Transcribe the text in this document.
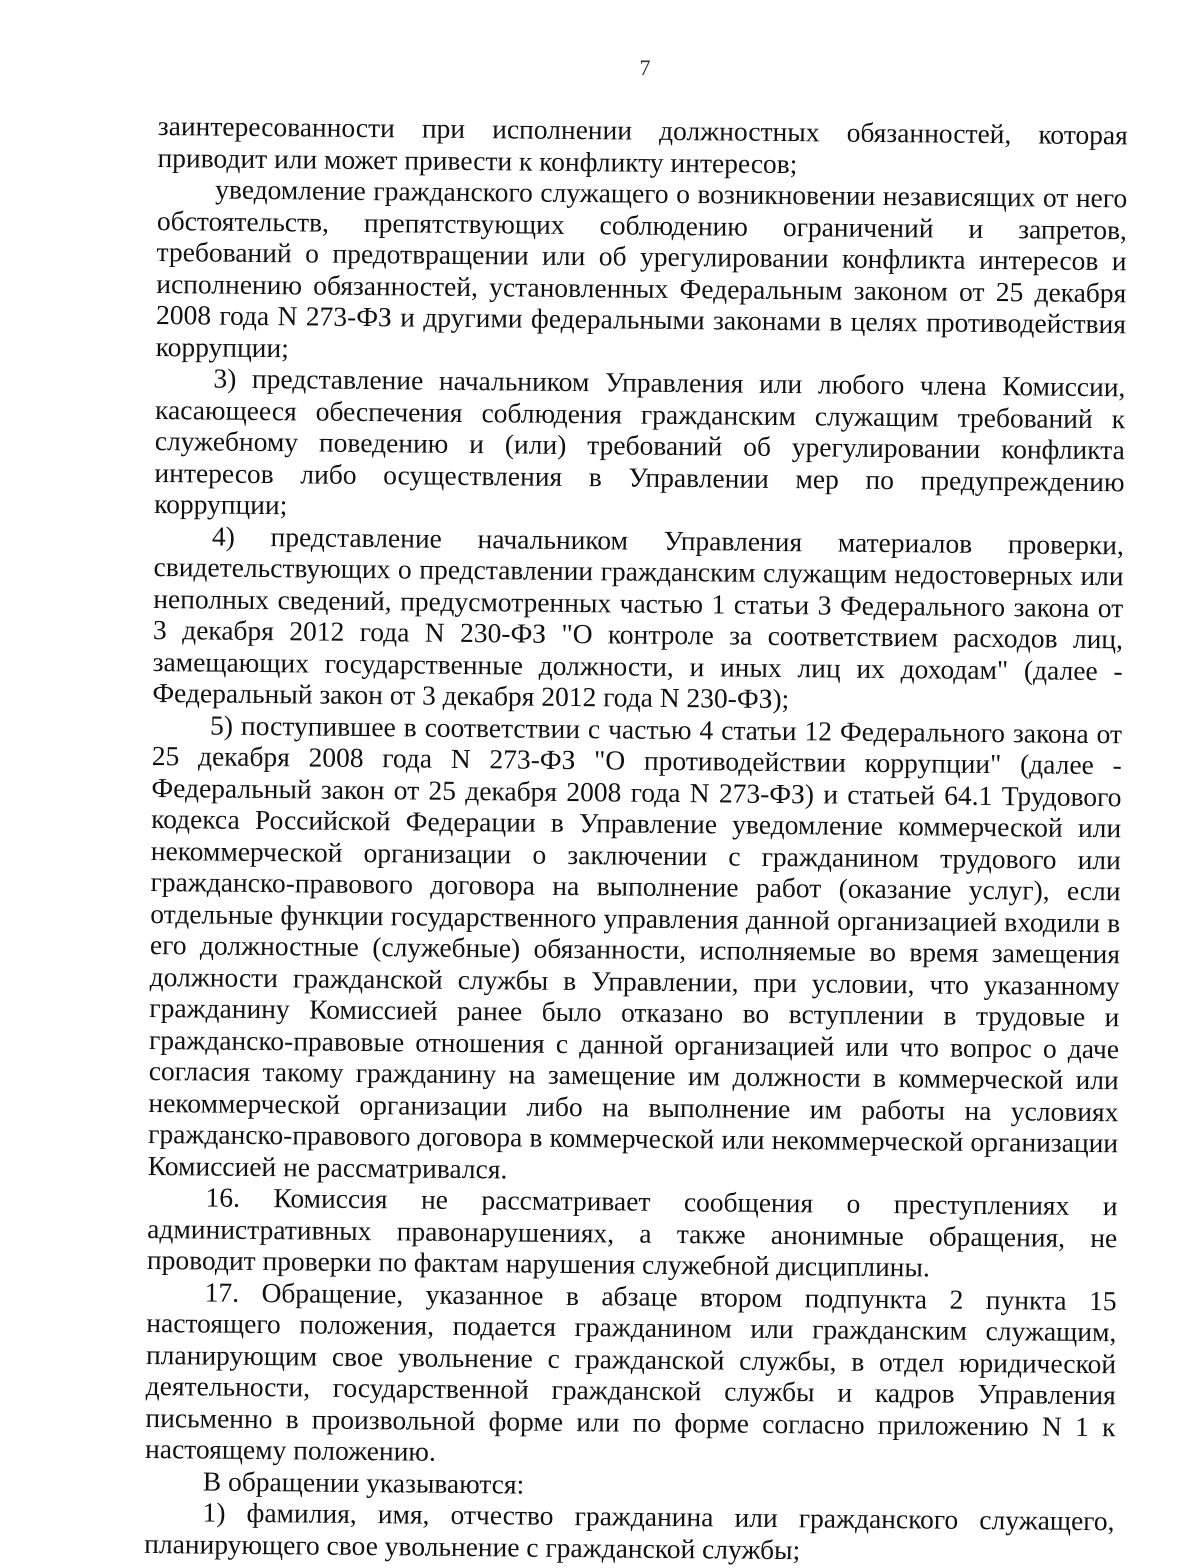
7

заинтересованности при исполнении должностных обязанностей, которая приводит или может привести к конфликту интересов;

уведомление гражданского служащего о возникновении независящих от него обстоятельств, препятствующих соблюдению ограничений и запретов, требований о предотвращении или об урегулировании конфликта интересов и исполнению обязанностей, установленных Федеральным законом от 25 декабря 2008 года N 273-ФЗ и другими федеральными законами в целях противодействия коррупции;

3) представление начальником Управления или любого члена Комиссии, касающееся обеспечения соблюдения гражданским служащим требований к служебному поведению и (или) требований об урегулировании конфликта интересов либо осуществления в Управлении мер по предупреждению коррупции;

4) представление начальником Управления материалов проверки, свидетельствующих о представлении гражданским служащим недостоверных или неполных сведений, предусмотренных частью 1 статьи 3 Федерального закона от 3 декабря 2012 года N 230-ФЗ "О контроле за соответствием расходов лиц, замещающих государственные должности, и иных лиц их доходам" (далее - Федеральный закон от 3 декабря 2012 года N 230-ФЗ);

5) поступившее в соответствии с частью 4 статьи 12 Федерального закона от 25 декабря 2008 года N 273-ФЗ "О противодействии коррупции" (далее - Федеральный закон от 25 декабря 2008 года N 273-ФЗ) и статьей 64.1 Трудового кодекса Российской Федерации в Управление уведомление коммерческой или некоммерческой организации о заключении с гражданином трудового или гражданско-правового договора на выполнение работ (оказание услуг), если отдельные функции государственного управления данной организацией входили в его должностные (служебные) обязанности, исполняемые во время замещения должности гражданской службы в Управлении, при условии, что указанному гражданину Комиссией ранее было отказано во вступлении в трудовые и гражданско-правовые отношения с данной организацией или что вопрос о даче согласия такому гражданину на замещение им должности в коммерческой или некоммерческой организации либо на выполнение им работы на условиях гражданско-правового договора в коммерческой или некоммерческой организации Комиссией не рассматривался.

16. Комиссия не рассматривает сообщения о преступлениях и административных правонарушениях, а также анонимные обращения, не проводит проверки по фактам нарушения служебной дисциплины.

17. Обращение, указанное в абзаце втором подпункта 2 пункта 15 настоящего положения, подается гражданином или гражданским служащим, планирующим свое увольнение с гражданской службы, в отдел юридической деятельности, государственной гражданской службы и кадров Управления письменно в произвольной форме или по форме согласно приложению N 1 к настоящему положению.

В обращении указываются:

1) фамилия, имя, отчество гражданина или гражданского служащего, планирующего свое увольнение с гражданской службы;
